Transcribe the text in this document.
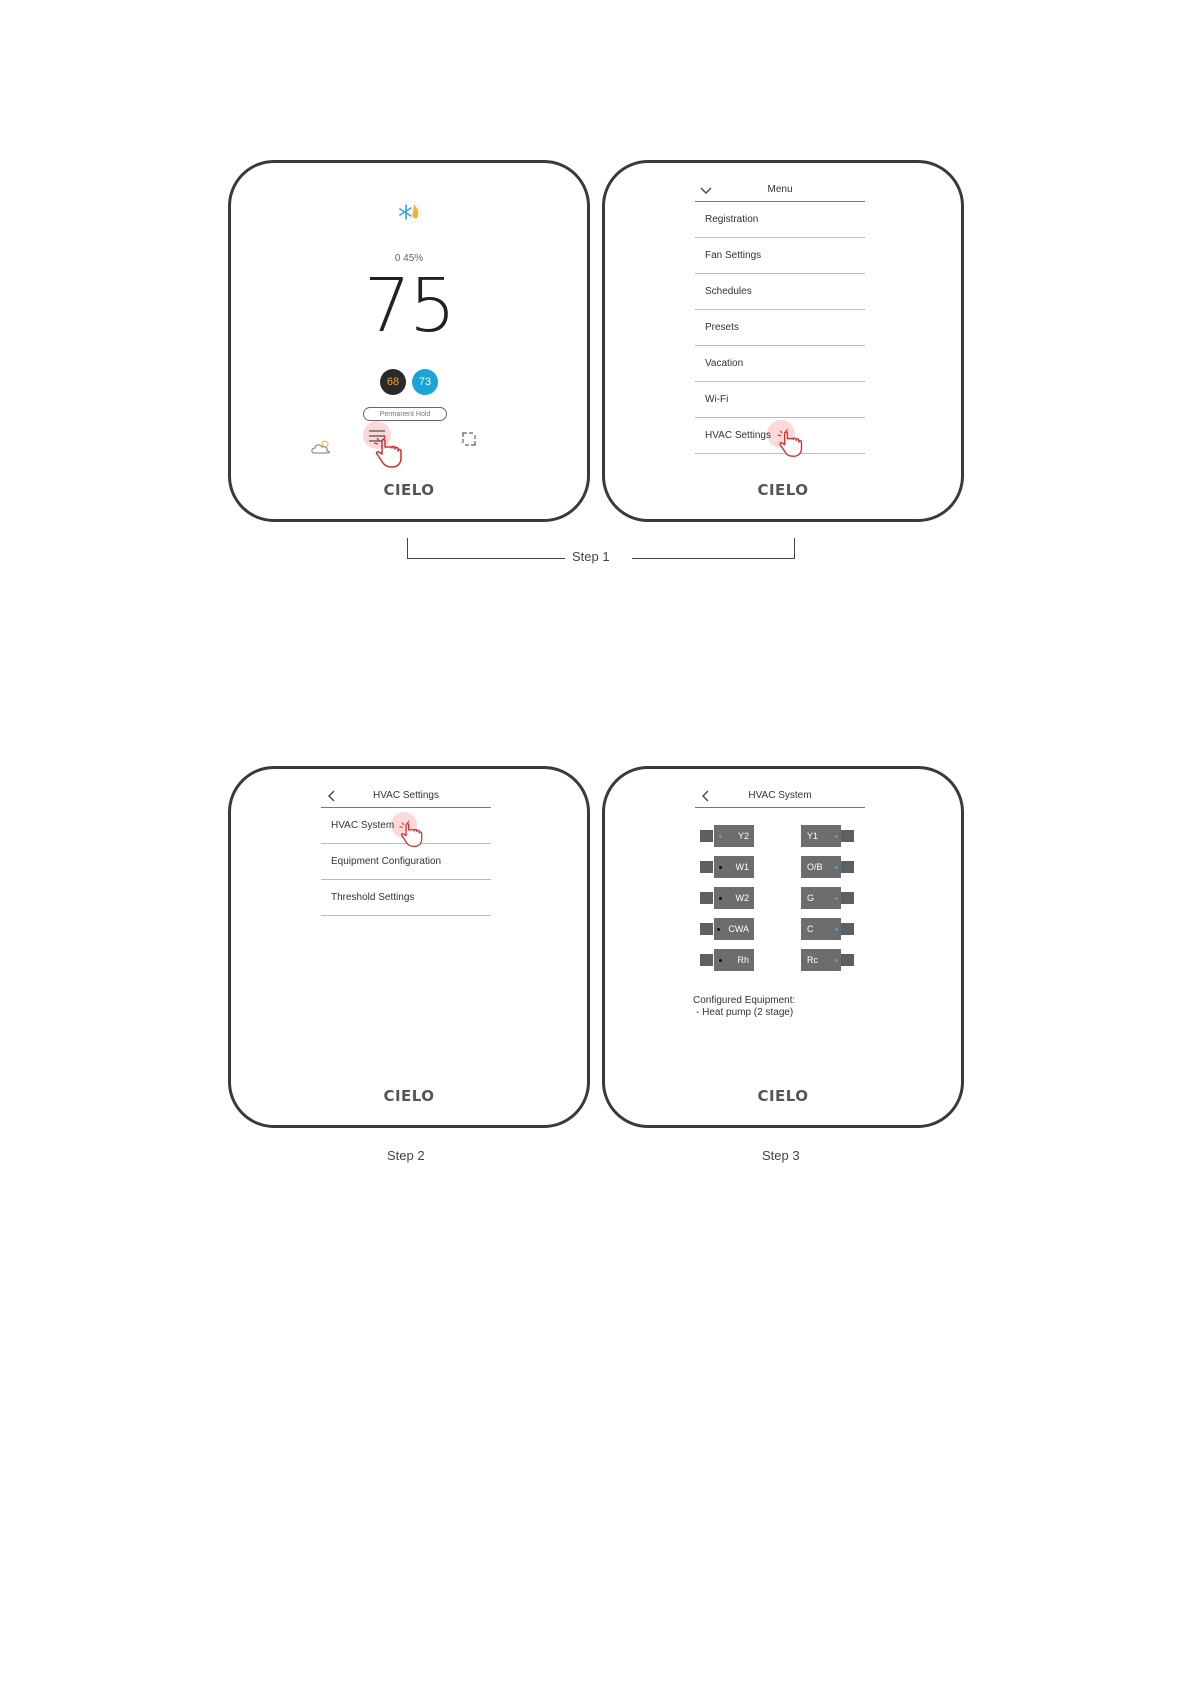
0 45%
75
68	73
Permanent Hold
CIELO
Menu
Registration
Fan Settings
Schedules
Presets
Vacation
Wi-Fi
HVAC Settings
CIELO
Step 1
HVAC Settings
HVAC System
Equipment Configuration
Threshold Settings
CIELO
HVAC System
Y2
W1
W2
CWA
Rh
Y1
O/B
G
C
Rc
Configured Equipment:
- Heat pump (2 stage)
CIELO
Step 2	Step 3
